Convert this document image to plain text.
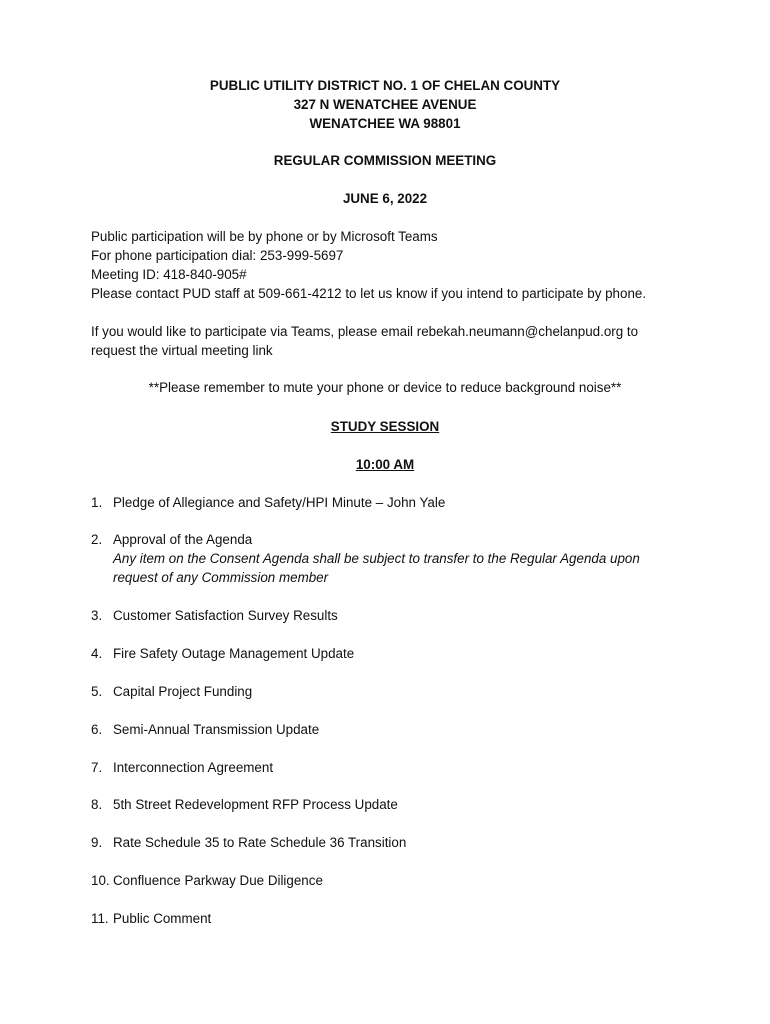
PUBLIC UTILITY DISTRICT NO. 1 OF CHELAN COUNTY
327 N WENATCHEE AVENUE
WENATCHEE WA 98801
REGULAR COMMISSION MEETING
JUNE 6, 2022
Public participation will be by phone or by Microsoft Teams
For phone participation dial: 253-999-5697
Meeting ID: 418-840-905#
Please contact PUD staff at 509-661-4212 to let us know if you intend to participate by phone.
If you would like to participate via Teams, please email rebekah.neumann@chelanpud.org to
request the virtual meeting link
**Please remember to mute your phone or device to reduce background noise**
STUDY SESSION
10:00 AM
1. Pledge of Allegiance and Safety/HPI Minute – John Yale
2. Approval of the Agenda
Any item on the Consent Agenda shall be subject to transfer to the Regular Agenda upon
request of any Commission member
3. Customer Satisfaction Survey Results
4. Fire Safety Outage Management Update
5. Capital Project Funding
6. Semi-Annual Transmission Update
7. Interconnection Agreement
8. 5th Street Redevelopment RFP Process Update
9. Rate Schedule 35 to Rate Schedule 36 Transition
10. Confluence Parkway Due Diligence
11. Public Comment
